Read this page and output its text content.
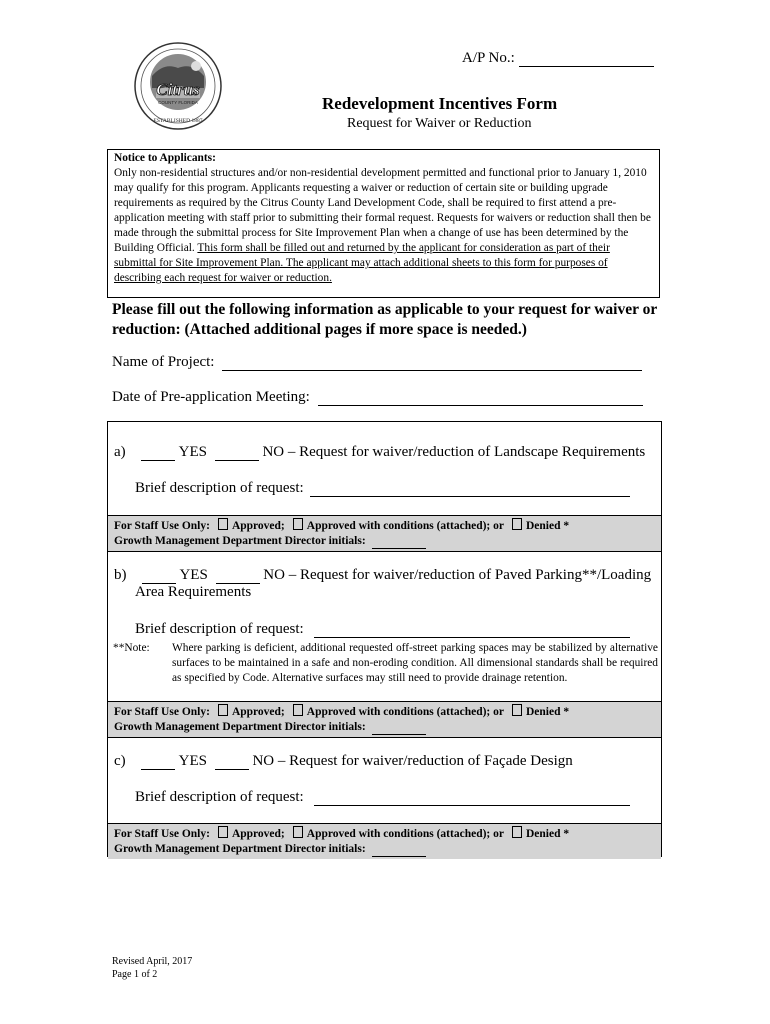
Citrus
COUNTY FLORIDA
ESTABLISHED 1887
A/P No.:
Redevelopment Incentives Form
Request for Waiver or Reduction
Notice to Applicants:
Only non-residential structures and/or non-residential development permitted and functional prior to January 1, 2010 may qualify for this program. Applicants requesting a waiver or reduction of certain site or building upgrade requirements as required by the Citrus County Land Development Code, shall be required to first attend a pre-application meeting with staff prior to submitting their formal request. Requests for waivers or reduction shall then be made through the submittal process for Site Improvement Plan when a change of use has been determined by the Building Official. This form shall be filled out and returned by the applicant for consideration as part of their submittal for Site Improvement Plan. The applicant may attach additional sheets to this form for purposes of describing each request for waiver or reduction.
Please fill out the following information as applicable to your request for waiver or reduction: (Attached additional pages if more space is needed.)
Name of Project:
Date of Pre-application Meeting:
a)	YES	NO – Request for waiver/reduction of Landscape Requirements
Brief description of request:
For Staff Use Only: Approved; Approved with conditions (attached); or Denied *
Growth Management Department Director initials:
b)	YES	NO – Request for waiver/reduction of Paved Parking**/Loading
Area Requirements
Brief description of request:
**Note: Where parking is deficient, additional requested off-street parking spaces may be stabilized by alternative surfaces to be maintained in a safe and non-eroding condition. All dimensional standards shall be required as specified by Code. Alternative surfaces may still need to provide drainage retention.
For Staff Use Only: Approved; Approved with conditions (attached); or Denied *
Growth Management Department Director initials:
c)	YES	NO – Request for waiver/reduction of Façade Design
Brief description of request:
For Staff Use Only: Approved; Approved with conditions (attached); or Denied *
Growth Management Department Director initials:
Revised April, 2017
Page 1 of 2
